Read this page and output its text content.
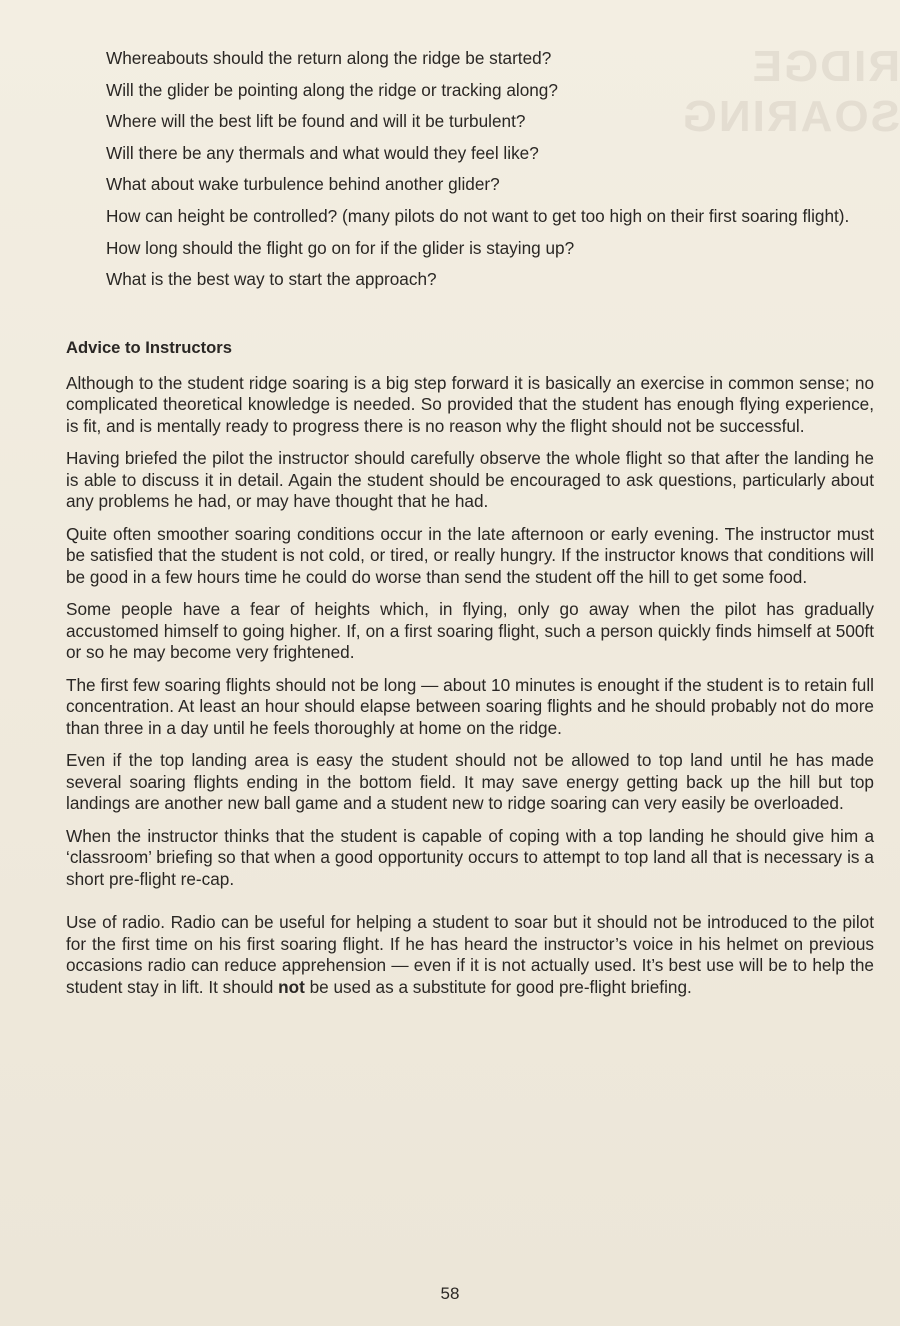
RIDGE SOARING
Whereabouts should the return along the ridge be started?
Will the glider be pointing along the ridge or tracking along?
Where will the best lift be found and will it be turbulent?
Will there be any thermals and what would they feel like?
What about wake turbulence behind another glider?
How can height be controlled? (many pilots do not want to get too high on their first soaring flight).
How long should the flight go on for if the glider is staying up?
What is the best way to start the approach?
Advice to Instructors

Although to the student ridge soaring is a big step forward it is basically an exercise in common sense; no complicated theoretical knowledge is needed. So provided that the student has enough flying experience, is fit, and is mentally ready to progress there is no reason why the flight should not be successful.

Having briefed the pilot the instructor should carefully observe the whole flight so that after the landing he is able to discuss it in detail. Again the student should be encouraged to ask questions, particularly about any problems he had, or may have thought that he had.

Quite often smoother soaring conditions occur in the late afternoon or early evening. The instructor must be satisfied that the student is not cold, or tired, or really hungry. If the instructor knows that conditions will be good in a few hours time he could do worse than send the student off the hill to get some food.

Some people have a fear of heights which, in flying, only go away when the pilot has gradually accustomed himself to going higher. If, on a first soaring flight, such a person quickly finds himself at 500ft or so he may become very frightened.

The first few soaring flights should not be long — about 10 minutes is enought if the student is to retain full concentration. At least an hour should elapse between soaring flights and he should probably not do more than three in a day until he feels thoroughly at home on the ridge.

Even if the top landing area is easy the student should not be allowed to top land until he has made several soaring flights ending in the bottom field. It may save energy getting back up the hill but top landings are another new ball game and a student new to ridge soaring can very easily be overloaded.

When the instructor thinks that the student is capable of coping with a top landing he should give him a ‘classroom’ briefing so that when a good opportunity occurs to attempt to top land all that is necessary is a short pre-flight re-cap.

Use of radio. Radio can be useful for helping a student to soar but it should not be introduced to the pilot for the first time on his first soaring flight. If he has heard the instructor’s voice in his helmet on previous occasions radio can reduce apprehension — even if it is not actually used. It’s best use will be to help the student stay in lift. It should not be used as a substitute for good pre-flight briefing.

58
